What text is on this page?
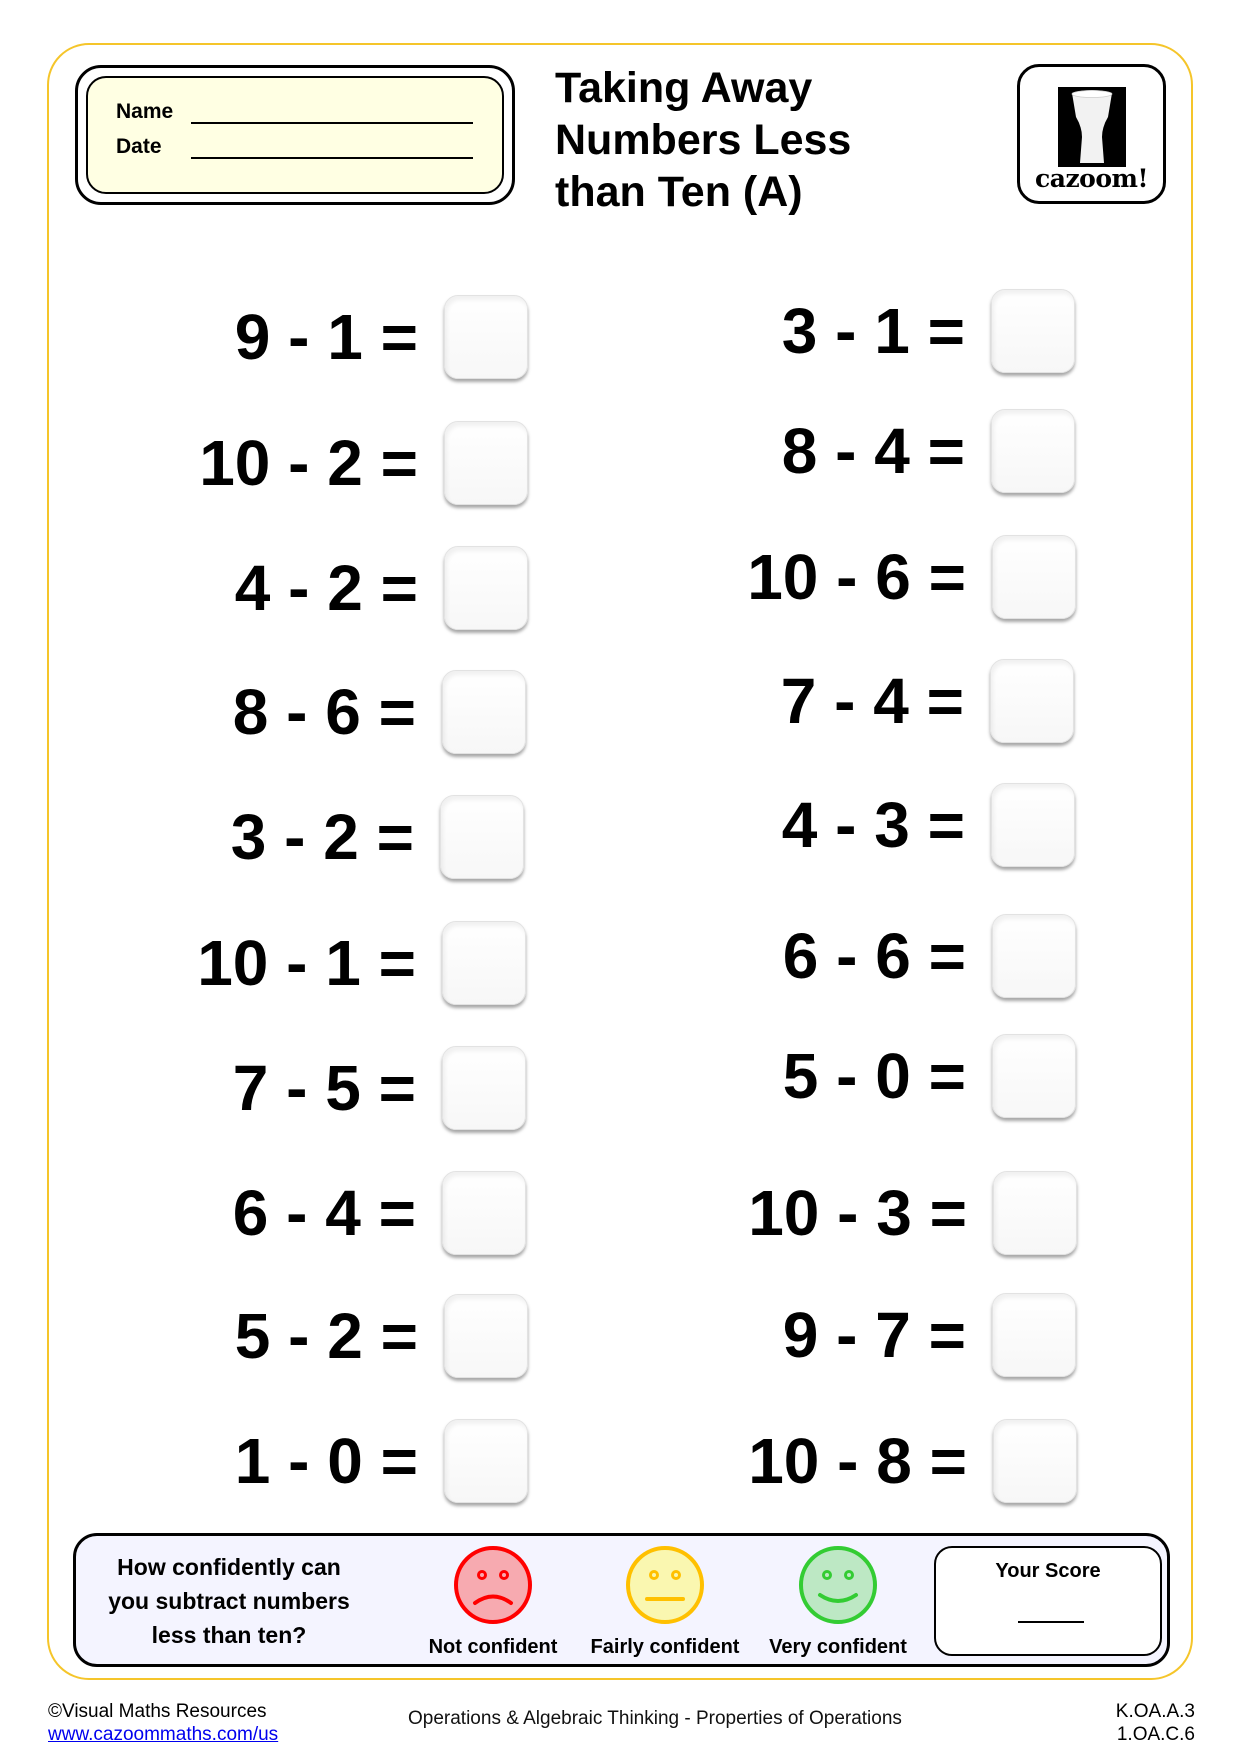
Name
Date
Taking Away
Numbers Less
than Ten (A)	cazoom!
9 - 1 =
10 - 2 =
4 - 2 =
8 - 6 =
3 - 2 =
10 - 1 =
7 - 5 =
6 - 4 =
5 - 2 =
1 - 0 =
3 - 1 =
8 - 4 =
10 - 6 =
7 - 4 =
4 - 3 =
6 - 6 =
5 - 0 =
10 - 3 =
9 - 7 =
10 - 8 =
How confidently can
you subtract numbers
less than ten?	Not confident Fairly confident Very confident
Your Score
©Visual Maths Resources
www.cazoommaths.com/us
Operations & Algebraic Thinking - Properties of Operations	K.OA.A.3
1.OA.C.6
